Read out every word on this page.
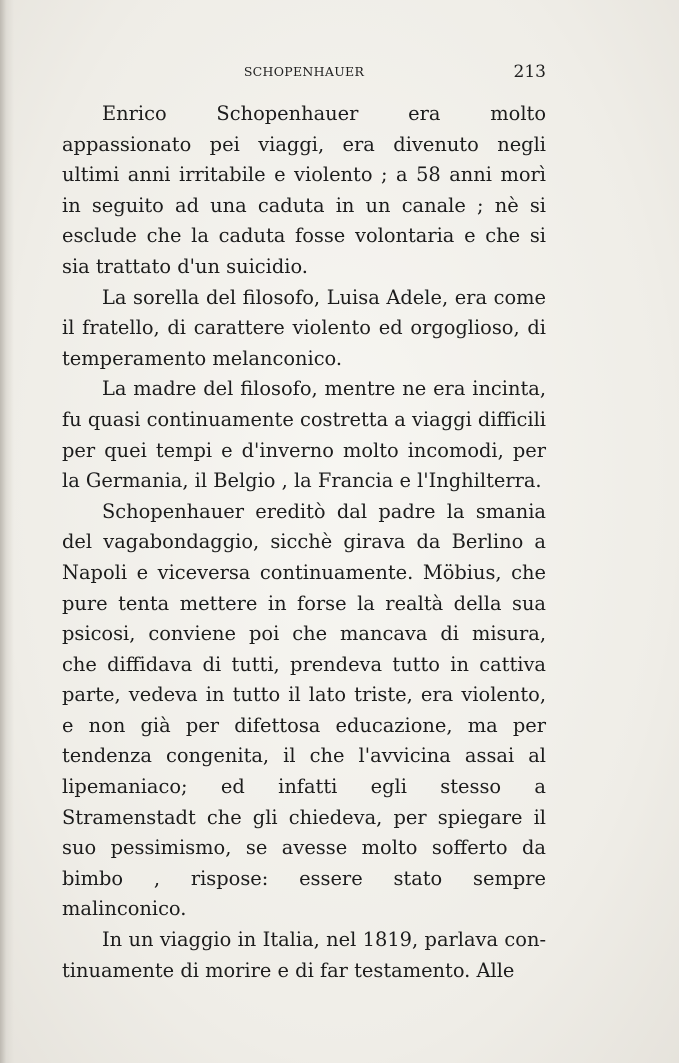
SCHOPENHAUER	213

Enrico Schopenhauer era molto appassionato pei viaggi, era divenuto negli ultimi anni irritabile e violento ; a 58 anni morì in seguito ad una caduta in un canale ; nè si esclude che la caduta fosse volontaria e che si sia trattato d'un suicidio.

La sorella del filosofo, Luisa Adele, era come il fratello, di carattere violento ed orgoglioso, di temperamento melanconico.

La madre del filosofo, mentre ne era incinta, fu quasi continuamente costretta a viaggi difficili per quei tempi e d'inverno molto incomodi, per la Germania, il Belgio , la Francia e l'Inghilterra.

Schopenhauer ereditò dal padre la smania del vagabondaggio, sicchè girava da Berlino a Napoli e viceversa continuamente. Möbius, che pure tenta mettere in forse la realtà della sua psicosi, conviene poi che mancava di misura, che diffidava di tutti, prendeva tutto in cattiva parte, vedeva in tutto il lato triste, era violento, e non già per difettosa educazione, ma per tendenza congenita, il che l'avvicina assai al lipemaniaco; ed infatti egli stesso a Stramenstadt che gli chiedeva, per spiegare il suo pessimismo, se avesse molto sofferto da bimbo , rispose: essere stato sempre malinconico.

In un viaggio in Italia, nel 1819, parlava continuamente di morire e di far testamento. Alle
